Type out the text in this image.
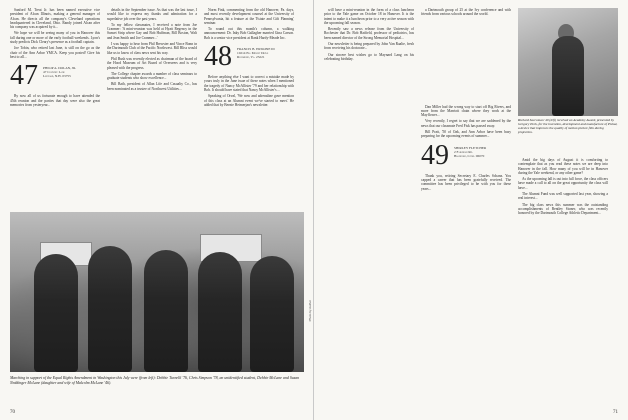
Sanford M. Treat Jr. has been named executive vice president of Alcan Illinois, making a general manager of Alcan. He directs all the company's Cleveland operations headquartered in Cleveland, Ohio. Randy joined Alcan after his company was acquired by it...

We hope we will be seeing many of you in Hanover this fall during one or more of the early football weekends. Lyon's study predicts Dick Cleary's presence as a football captain.

Joe Tobin, who retired last June, is still on the go as the chair of the Ann Arbor YMCA. Keep you posted! Give his best to all...

47 PHILIP A. DOLAN, JR.
47 Country Lane
Ledyard, N.H. 03755

By now all of us fortunate enough to have attended the 45th reunion and the parties that day were also the great memories from yesteryear...

details in the September issue. As that was the last issue, I would like to express my thanks and admiration for a superlative job over the past years.

To my fellow classmates, I received a note from Joe Cranmer: 'A mini-reunion was held at Hyatt Regency in the Sunset Strip where Gay and Bob Huffman, Bill Boston, Walt and Jean Smith and Joe Cranmer...'

I was happy to hear from Phil Brewster and Vince Bonn in the Dartmouth Club of the Pacific Northwest. Bill Bliss would like us to know of class news sent his way.

Phil Bush was recently elected as chairman of the board of the Hood Museum of Art Board of Overseers and is very pleased with the progress.

The College chapter awards a number of class seminars to graduate students who show excellence...

Bill Bath, president of Allan Life and Casualty Co., has been nominated as a trustee of Northwest Utilities...

Norm Fink, commenting from the old Hanover, Pa. days, and most recently development counsel at the University of Pennsylvania, hit a feature at the 'Estate and Gift Planning' seminar.

To round out this month's column, a walking announcement: Dr. Inky Bob Gallagher married Gina Carson. Bob is a senior vice president at Bank Hardy-Meade Inc.

48 FRANCIS B. ERSKINE III
10214 Ell Mount Drive
Richmond, Va. 23221

Before anything else I want to correct a mistake made by yours truly in the June issue of these notes when I mentioned the tragedy of Nancy McAllister '79 and her relationship with Bob. It should have stated that Nancy McAllister's ...

Speaking of Orval, 'We now and adrenaline gave mention of this class at an Alumni event we've started to meet.' He added that by Bernie Heimerjan's newsletter.

Photo by Author
Marching in support of the Equal Rights Amendment in Washington this July were (from left): Debbie Turnelli '76, Chris Simpson '78, an unidentified student, Debbie McLane and Susan Neddinger McLane (daughter and wife of Malcolm McLane '46).
70

will have a mini-reunion in the form of a class luncheon prior to the Yale game on October 18 in Hanover. It is the intent to make it a luncheon prior to a very active season with the upcoming fall season.

Recently saw a news release from the University of Rochester that Dr. Bob Hatfield, professor of pediatrics, has been named director of the Strong Memorial Hospital...

Our newsletter is being prepared by John Van Raalte, fresh from receiving his doctorate...

Our sincere best wishes go to Maynard Lang on his celebrating birthday.

a Dartmouth group of 25 at the Ivy conference and with friends from various schools around the world.

Dan Miller had the wrong way to start off Big Rivers, and more from the Marriott chain where they work at the Mayflower...

Very recently, I regret to say that we are saddened by the news that our classmate Fred Fisk has passed away.

Bill Pratt, '50 of Oak, and Ann Arbor have been busy preparing for the upcoming events of summer...

49 SHIRLEY FLETCHER
2 Fairfield Rd.
Bradford, Conn. 06070

Thank you, retiring Secretary E. Charles Schanz. You capped a career that has been gratefully received. The committee has been privileged to be with you for these years...

Amid the big days of August it is comforting to contemplate that as you read these notes we are deep into Hanover in the fall. How many of you will be in Hanover during the Yale weekend, or any other game?

As the upcoming fall is out into full force, the class officers have made a call to all on the great opportunity the class will have...

The Alumni Fund was well supported last year, showing a real interest...

The big class news this summer was the outstanding accomplishments of Bentley Stoner, who was recently honored by the Dartmouth College Athletic Department...

Richard Saccoman '49 (left) received an Academy Award, presented by Gregory Peck, for the invention, development and manufacture of Pickat, a device that improves the quality of motion picture film during projection.
71
